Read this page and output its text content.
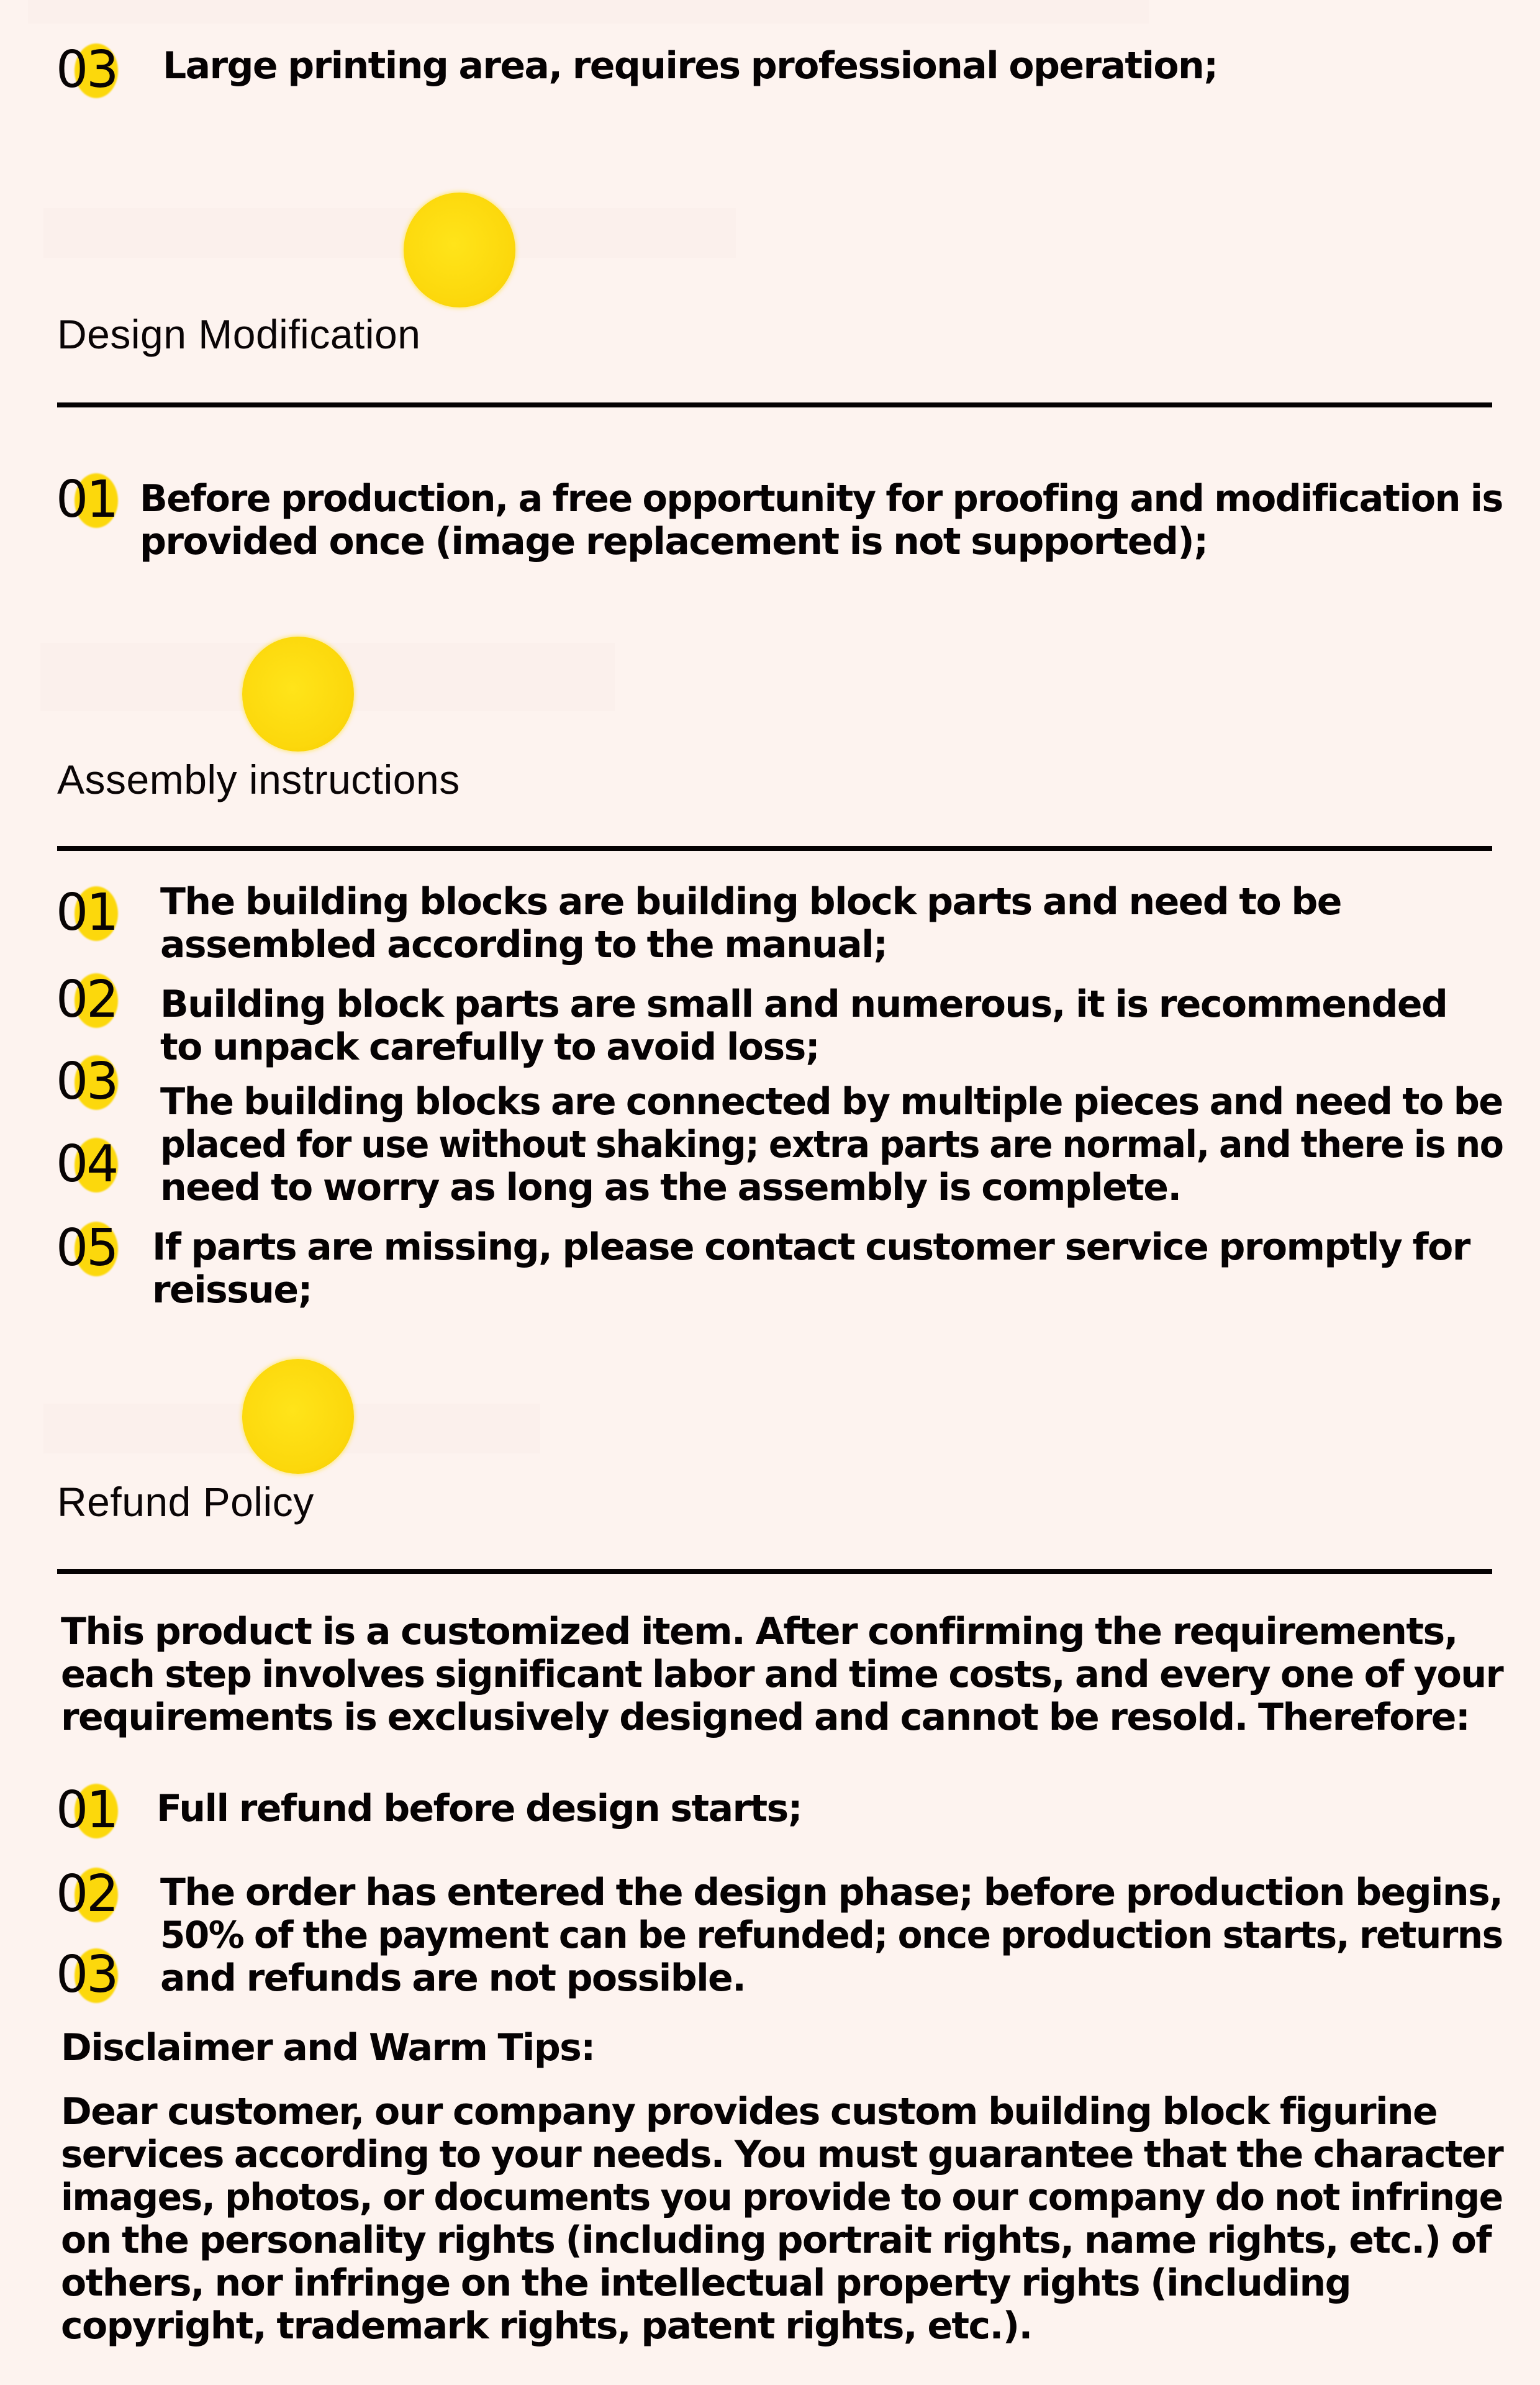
03 Large printing area, requires professional operation;
Design Modification
01 Before production, a free opportunity for proofing and modification is
provided once (image replacement is not supported);
Assembly instructions
01
02
03
04
05
The building blocks are building block parts and need to be
assembled according to the manual;
Building block parts are small and numerous, it is recommended
to unpack carefully to avoid loss;
The building blocks are connected by multiple pieces and need to be
placed for use without shaking; extra parts are normal, and there is no
need to worry as long as the assembly is complete.
If parts are missing, please contact customer service promptly for
reissue;
Refund Policy
This product is a customized item. After confirming the requirements,
each step involves significant labor and time costs, and every one of your
requirements is exclusively designed and cannot be resold. Therefore:
01
02
03
Full refund before design starts;
The order has entered the design phase; before production begins,
50% of the payment can be refunded; once production starts, returns
and refunds are not possible.
Disclaimer and Warm Tips:
Dear customer, our company provides custom building block figurine
services according to your needs. You must guarantee that the character
images, photos, or documents you provide to our company do not infringe
on the personality rights (including portrait rights, name rights, etc.) of
others, nor infringe on the intellectual property rights (including
copyright, trademark rights, patent rights, etc.).
